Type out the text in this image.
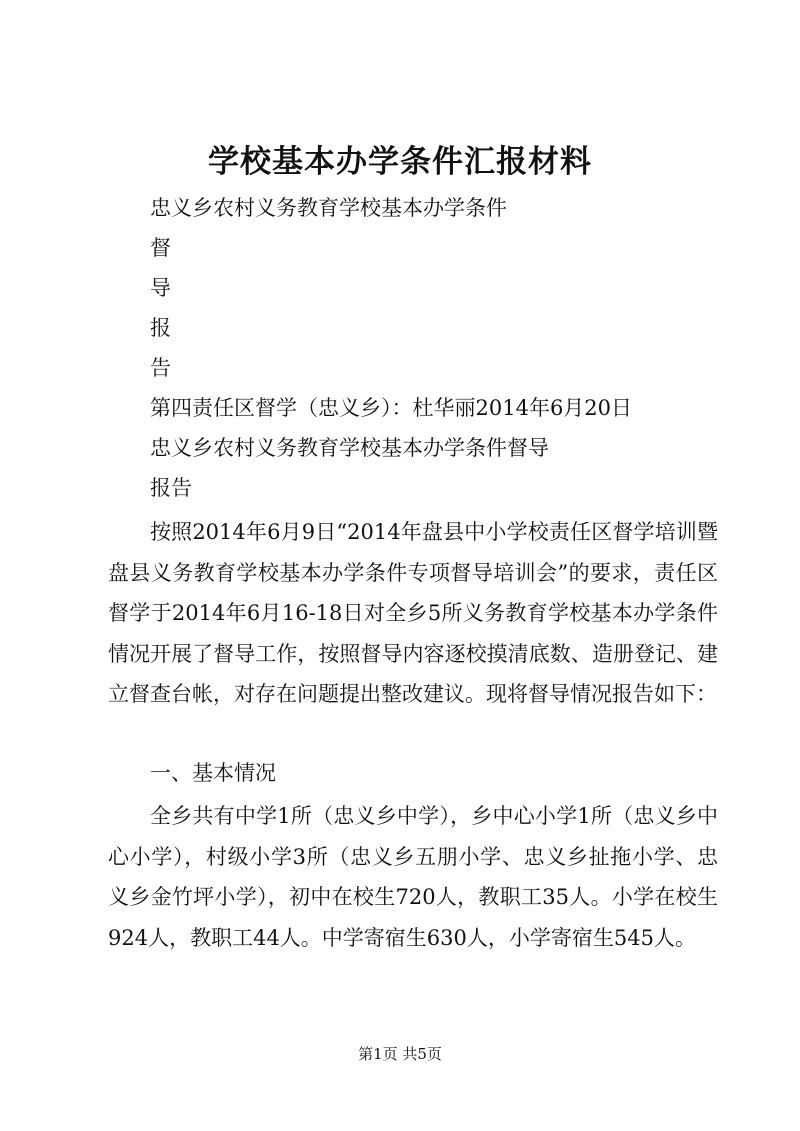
学校基本办学条件汇报材料
忠义乡农村义务教育学校基本办学条件
督
导
报
告
第四责任区督学（忠义乡）：杜华丽2014年6月20日
忠义乡农村义务教育学校基本办学条件督导
报告

按照2014年6月9日“2014年盘县中小学校责任区督学培训暨盘县义务教育学校基本办学条件专项督导培训会”的要求，责任区督学于2014年6月16-18日对全乡5所义务教育学校基本办学条件情况开展了督导工作，按照督导内容逐校摸清底数、造册登记、建立督查台帐，对存在问题提出整改建议。现将督导情况报告如下：

一、基本情况

全乡共有中学1所（忠义乡中学），乡中心小学1所（忠义乡中心小学），村级小学3所（忠义乡五朋小学、忠义乡扯拖小学、忠义乡金竹坪小学），初中在校生720人，教职工35人。小学在校生924人，教职工44人。中学寄宿生630人，小学寄宿生545人。

第1页 共5页
